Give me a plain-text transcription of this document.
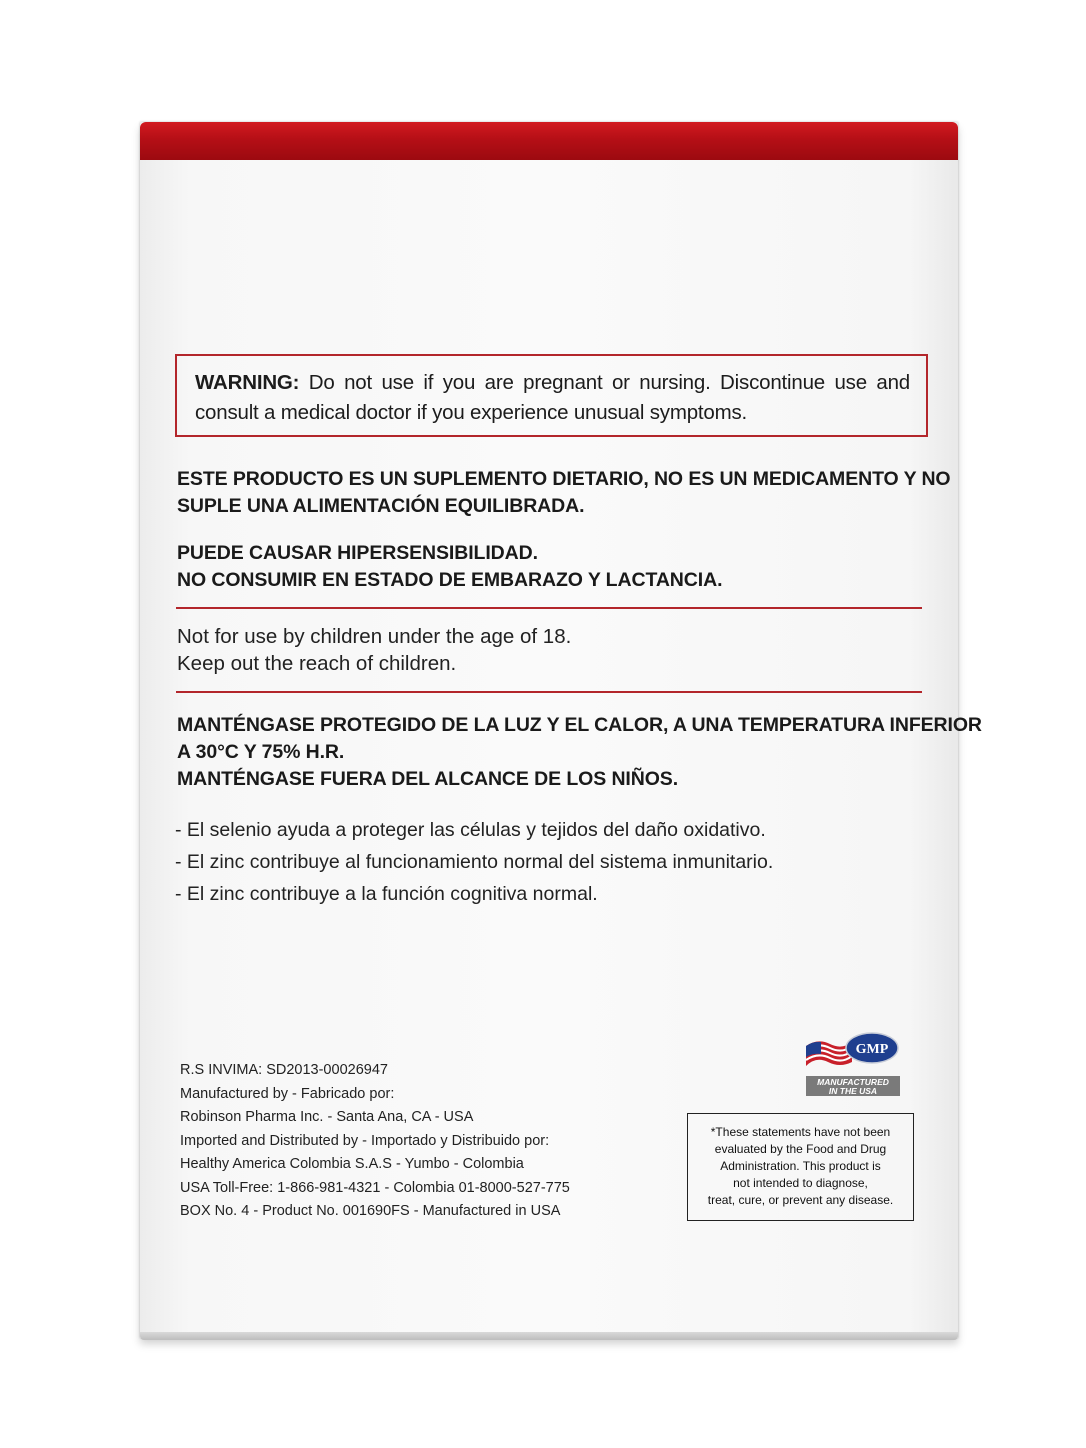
WARNING: Do not use if you are pregnant or nursing. Discontinue use and consult a medical doctor if you experience unusual symptoms.
ESTE PRODUCTO ES UN SUPLEMENTO DIETARIO, NO ES UN MEDICAMENTO Y NO
SUPLE UNA ALIMENTACIÓN EQUILIBRADA.
PUEDE CAUSAR HIPERSENSIBILIDAD.
NO CONSUMIR EN ESTADO DE EMBARAZO Y LACTANCIA.
Not for use by children under the age of 18.
Keep out the reach of children.
MANTÉNGASE PROTEGIDO DE LA LUZ Y EL CALOR, A UNA TEMPERATURA INFERIOR
A 30°C Y 75% H.R.
MANTÉNGASE FUERA DEL ALCANCE DE LOS NIÑOS.
- El selenio ayuda a proteger las células y tejidos del daño oxidativo.
- El zinc contribuye al funcionamiento normal del sistema inmunitario.
- El zinc contribuye a la función cognitiva normal.
R.S INVIMA: SD2013-00026947
Manufactured by - Fabricado por:
Robinson Pharma Inc. - Santa Ana, CA - USA
Imported and Distributed by - Importado y Distribuido por:
Healthy America Colombia S.A.S - Yumbo - Colombia
USA Toll-Free: 1-866-981-4321 - Colombia 01-8000-527-775
BOX No. 4 - Product No. 001690FS - Manufactured in USA
GMP
MANUFACTURED
IN THE USA
*These statements have not been
evaluated by the Food and Drug
Administration. This product is
not intended to diagnose,
treat, cure, or prevent any disease.
